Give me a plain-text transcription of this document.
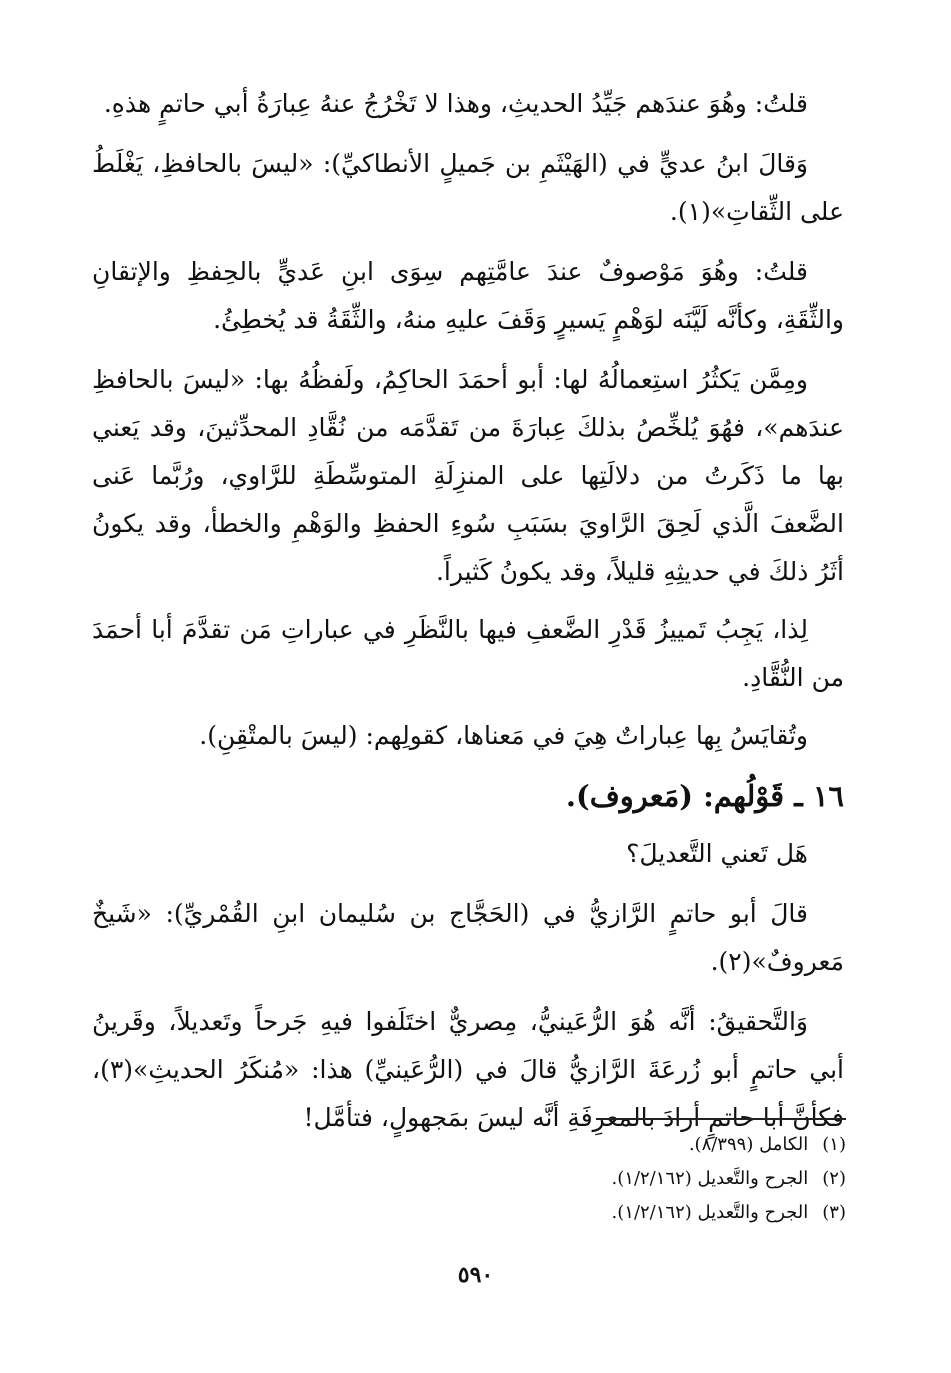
قلتُ: وهُوَ عندَهم جَيِّدُ الحديثِ، وهذا لا تَخْرُجُ عنهُ عِبارَةُ أبي حاتمٍ هذهِ.

وَقالَ ابنُ عديٍّ في (الهَيْثَمِ بن جَميلٍ الأنطاكيِّ): «ليسَ بالحافظِ، يَغْلَطُ على الثِّقاتِ»(١).

قلتُ: وهُوَ مَوْصوفٌ عندَ عامَّتِهم سِوَى ابنِ عَديٍّ بالحِفظِ والإتقانِ والثِّقَةِ، وكأنَّه لَيَّنَه لوَهْمٍ يَسيرٍ وَقَفَ عليهِ منهُ، والثِّقَةُ قد يُخطِئُ.

ومِمَّن يَكثُرُ استِعمالُهُ لها: أبو أحمَدَ الحاكِمُ، ولَفظُهُ بها: «ليسَ بالحافظِ عندَهم»، فهُوَ يُلخِّصُ بذلكَ عِبارَةَ من تَقدَّمَه من نُقَّادِ المحدِّثينَ، وقد يَعني بها ما ذَكَرتُ من دلالَتِها على المنزِلَةِ المتوسِّطَةِ للرَّاوي، ورُبَّما عَنى الضَّعفَ الَّذي لَحِقَ الرَّاويَ بسَبَبِ سُوءِ الحفظِ والوَهْمِ والخطأ، وقد يكونُ أثَرُ ذلكَ في حديثِهِ قليلاً، وقد يكونُ كَثيراً.

لِذا، يَجِبُ تَمييزُ قَدْرِ الضَّعفِ فيها بالنَّظَرِ في عباراتِ مَن تقدَّمَ أبا أحمَدَ من النُّقَّادِ.

وتُقايَسُ بِها عِباراتٌ هِيَ في مَعناها، كقولِهم: (ليسَ بالمتْقِنِ).

١٦ ـ قَوْلُهم: (مَعروف).

هَل تَعني التَّعديلَ؟

قالَ أبو حاتمٍ الرَّازيُّ في (الحَجَّاج بن سُليمان ابنِ القُمْريِّ): «شَيخٌ مَعروفٌ»(٢).

وَالتَّحقيقُ: أنَّه هُوَ الرُّعَينيُّ، مِصريٌّ اختَلَفوا فيهِ جَرحاً وتَعديلاً، وقَرينُ أبي حاتمٍ أبو زُرعَةَ الرَّازيُّ قالَ في (الرُّعَينيِّ) هذا: «مُنكَرُ الحديثِ»(٣)، فكأنَّ أبا حاتمٍ أرادَ بالمعرِفَةِ أنَّه ليسَ بمَجهولٍ، فتأمَّل!

(١)الكامل (٨/٣٩٩).

(٢)الجرح والتَّعديل (١/٢/١٦٢).

(٣)الجرح والتَّعديل (١/٢/١٦٢).

٥٩٠
